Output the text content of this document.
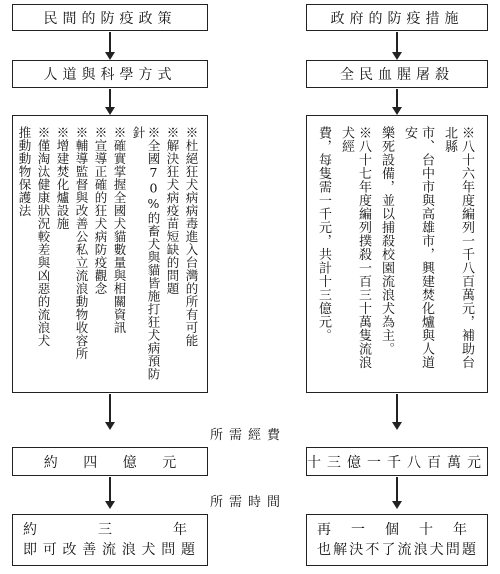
民間的防疫政策	政府的防疫措施
人道與科學方式	全民血腥屠殺
※杜絕狂犬病病毒進入台灣的所有可能
※解決狂犬病疫苗短缺的問題
※全國70%的畜犬與貓皆施打狂犬病預防針
※確實掌握全國犬貓數量與相關資訊
※宣導正確的狂犬病防疫觀念
※輔導監督與改善公私立流浪動物收容所
※增建焚化爐設施
※僅淘汰健康狀況較差與凶惡的流浪犬
推動動物保護法	※八十六年度編列一千八百萬元，補助台北縣
市、台中市與高雄市，興建焚化爐與人道安
樂死設備，並以捕殺校園流浪犬為主。
※八十七年度編列撲殺一百三十萬隻流浪犬經
費，每隻需一千元，共計十三億元。
所需經費
約 四 億 元	十三億一千八百萬元
所需時間
約	三	年
即可改善流浪犬問題
再 一 個 十 年
也解決不了流浪犬問題
